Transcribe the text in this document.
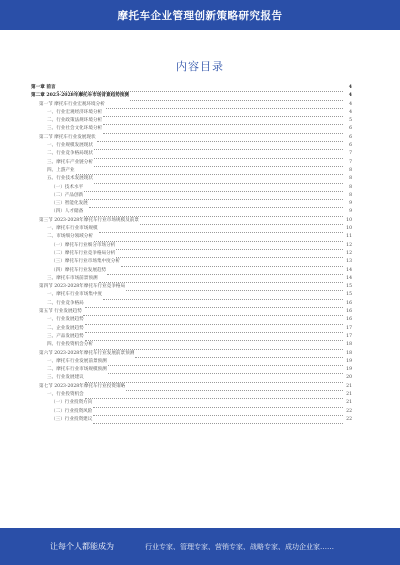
摩托车企业管理创新策略研究报告
内容目录
第一章 前言	4
第二章 2023-2028年摩托车市场背景趋势预测	4
第一节 摩托车行业宏观环境分析	4
一、行业宏观经济环境分析	4
二、行业政策法规环境分析	5
三、行业社会文化环境分析	6
第二节 摩托车行业发展现状	6
一、行业规模发展现状	6
二、行业竞争格局现状	7
三、摩托车产业链分析	7
四、上游产业	8
五、行业技术发展现状	8
（一）技术水平	8
（二）产品创新	8
（三）智能化发展	9
（四）人才储备	9
第三节 2023-2028年摩托车行业市场规模及前景	10
一、摩托车行业市场规模	10
二、市场细分领域分析	11
（一）摩托车行业细分市场分析	12
（二）摩托车行业竞争格局分析	12
（三）摩托车行业市场集中度分析	13
（四）摩托车行业发展趋势	14
三、摩托车市场前景预测	14
第四节 2023-2028年摩托车行业竞争格局	15
一、摩托车行业市场集中度	15
二、行业竞争格局	16
第五节 行业发展趋势	16
一、行业发展趋势	16
二、企业发展趋势	17
三、产品发展趋势	17
四、行业投资机会分析	18
第六节 2023-2028年摩托车行业发展前景预测	18
一、摩托车行业发展前景预测	19
二、摩托车行业市场规模预测	19
三、行业发展建议	20
第七节 2023-2028年摩托车行业投资策略	21
一、行业投资机会	21
（一）行业投资方向	21
（二）行业投资风险	22
（三）行业投资建议	22
让每个人都能成为	行业专家、管理专家、营销专家、战略专家、成功企业家……
